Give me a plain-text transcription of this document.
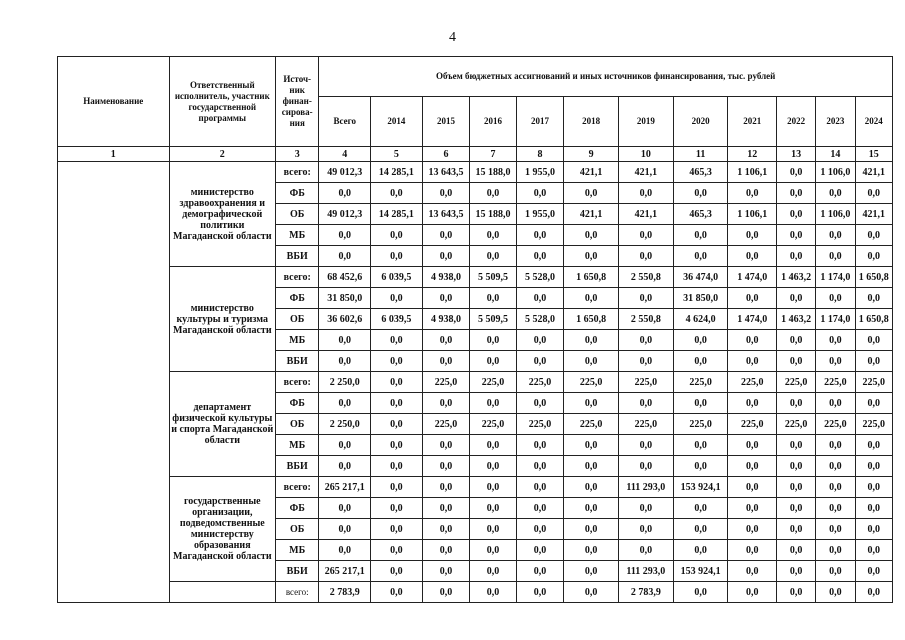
4
Наименование	Ответственный исполнитель, участник государственной программы	Источ-ник финан-сирова-ния	Объем бюджетных ассигнований и иных источников финансирования, тыс. рублей											
			Всего	2014	2015	2016	2017	2018	2019	2020	2021	2022	2023	2024
1	2	3	4	5	6	7	8	9	10	11	12	13	14	15
	министерство здравоохранения и демографической политики Магаданской области	всего:	49 012,3	14 285,1	13 643,5	15 188,0	1 955,0	421,1	421,1	465,3	1 106,1	0,0	1 106,0	421,1
		ФБ	0,0	0,0	0,0	0,0	0,0	0,0	0,0	0,0	0,0	0,0	0,0	0,0
		ОБ	49 012,3	14 285,1	13 643,5	15 188,0	1 955,0	421,1	421,1	465,3	1 106,1	0,0	1 106,0	421,1
		МБ	0,0	0,0	0,0	0,0	0,0	0,0	0,0	0,0	0,0	0,0	0,0	0,0
		ВБИ	0,0	0,0	0,0	0,0	0,0	0,0	0,0	0,0	0,0	0,0	0,0	0,0
	министерство культуры и туризма Магаданской области	всего:	68 452,6	6 039,5	4 938,0	5 509,5	5 528,0	1 650,8	2 550,8	36 474,0	1 474,0	1 463,2	1 174,0	1 650,8
		ФБ	31 850,0	0,0	0,0	0,0	0,0	0,0	0,0	31 850,0	0,0	0,0	0,0	0,0
		ОБ	36 602,6	6 039,5	4 938,0	5 509,5	5 528,0	1 650,8	2 550,8	4 624,0	1 474,0	1 463,2	1 174,0	1 650,8
		МБ	0,0	0,0	0,0	0,0	0,0	0,0	0,0	0,0	0,0	0,0	0,0	0,0
		ВБИ	0,0	0,0	0,0	0,0	0,0	0,0	0,0	0,0	0,0	0,0	0,0	0,0
	департамент физической культуры и спорта Магаданской области	всего:	2 250,0	0,0	225,0	225,0	225,0	225,0	225,0	225,0	225,0	225,0	225,0	225,0
		ФБ	0,0	0,0	0,0	0,0	0,0	0,0	0,0	0,0	0,0	0,0	0,0	0,0
		ОБ	2 250,0	0,0	225,0	225,0	225,0	225,0	225,0	225,0	225,0	225,0	225,0	225,0
		МБ	0,0	0,0	0,0	0,0	0,0	0,0	0,0	0,0	0,0	0,0	0,0	0,0
		ВБИ	0,0	0,0	0,0	0,0	0,0	0,0	0,0	0,0	0,0	0,0	0,0	0,0
	государственные организации, подведомственные министерству образования Магаданской области	всего:	265 217,1	0,0	0,0	0,0	0,0	0,0	111 293,0	153 924,1	0,0	0,0	0,0	0,0
		ФБ	0,0	0,0	0,0	0,0	0,0	0,0	0,0	0,0	0,0	0,0	0,0	0,0
		ОБ	0,0	0,0	0,0	0,0	0,0	0,0	0,0	0,0	0,0	0,0	0,0	0,0
		МБ	0,0	0,0	0,0	0,0	0,0	0,0	0,0	0,0	0,0	0,0	0,0	0,0
		ВБИ	265 217,1	0,0	0,0	0,0	0,0	0,0	111 293,0	153 924,1	0,0	0,0	0,0	0,0
		всего:	2 783,9	0,0	0,0	0,0	0,0	0,0	2 783,9	0,0	0,0	0,0	0,0	0,0
